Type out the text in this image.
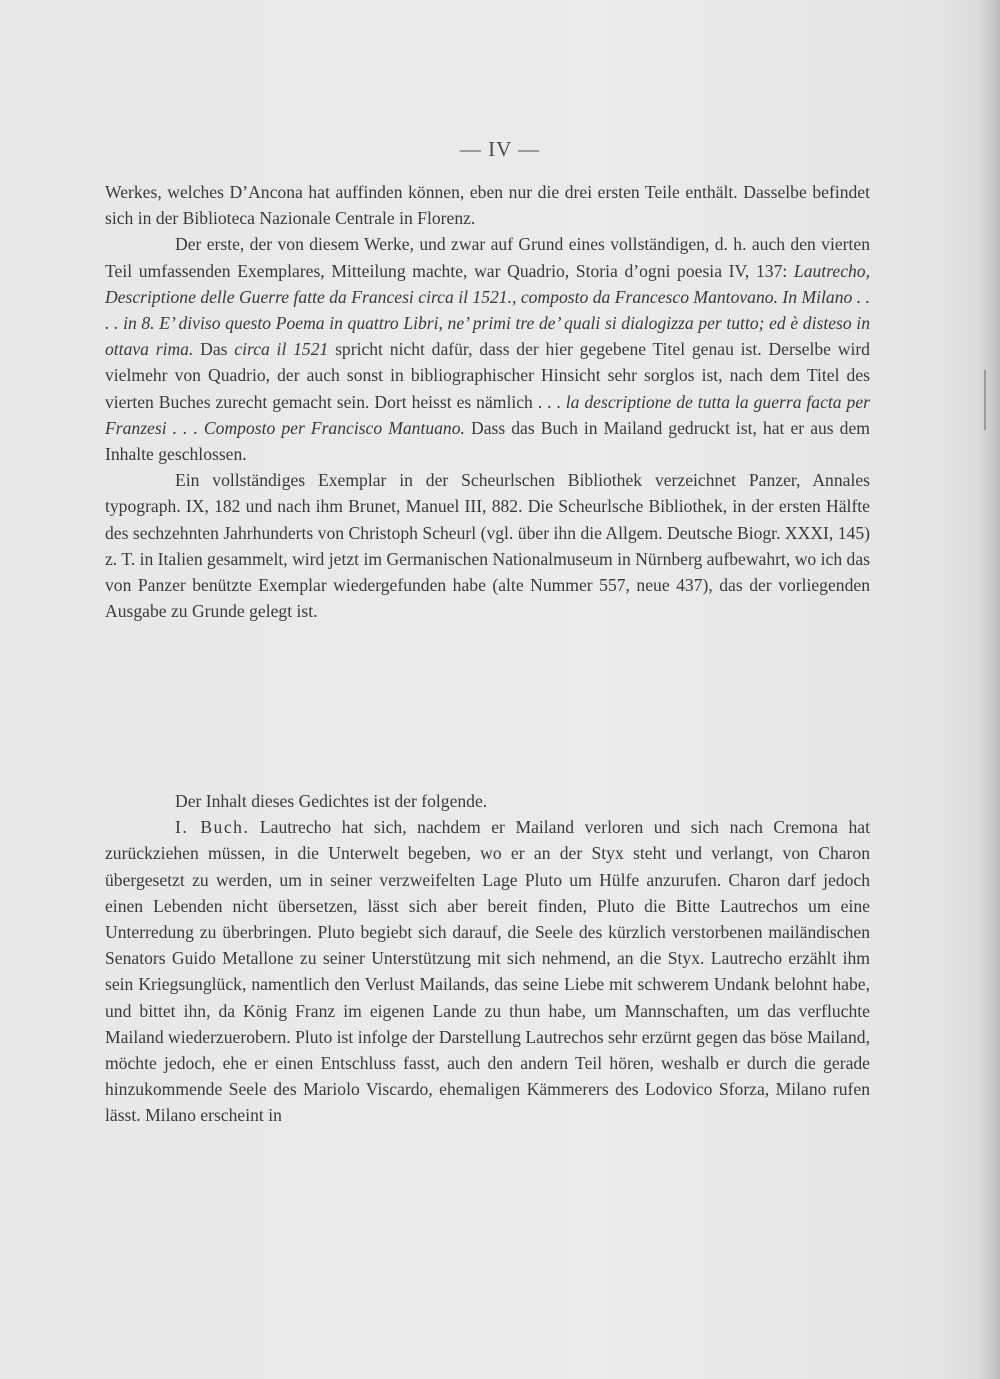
— IV —

Werkes, welches D’Ancona hat auffinden können, eben nur die drei ersten Teile enthält. Dasselbe befindet sich in der Biblioteca Nazionale Centrale in Florenz.

Der erste, der von diesem Werke, und zwar auf Grund eines vollständigen, d. h. auch den vierten Teil umfassenden Exemplares, Mitteilung machte, war Quadrio, Storia d’ogni poesia IV, 137: Lautrecho, Descriptione delle Guerre fatte da Francesi circa il 1521., composto da Francesco Mantovano. In Milano . . . . in 8. E’ diviso questo Poema in quattro Libri, ne’ primi tre de’ quali si dialogizza per tutto; ed è disteso in ottava rima. Das circa il 1521 spricht nicht dafür, dass der hier gegebene Titel genau ist. Derselbe wird vielmehr von Quadrio, der auch sonst in bibliographischer Hinsicht sehr sorglos ist, nach dem Titel des vierten Buches zurecht gemacht sein. Dort heisst es nämlich . . . la descriptione de tutta la guerra facta per Franzesi . . . Composto per Francisco Mantuano. Dass das Buch in Mailand gedruckt ist, hat er aus dem Inhalte geschlossen.

Ein vollständiges Exemplar in der Scheurlschen Bibliothek verzeichnet Panzer, Annales typograph. IX, 182 und nach ihm Brunet, Manuel III, 882. Die Scheurlsche Bibliothek, in der ersten Hälfte des sechzehnten Jahrhunderts von Christoph Scheurl (vgl. über ihn die Allgem. Deutsche Biogr. XXXI, 145) z. T. in Italien gesammelt, wird jetzt im Germanischen Nationalmuseum in Nürnberg aufbewahrt, wo ich das von Panzer benützte Exemplar wiedergefunden habe (alte Nummer 557, neue 437), das der vorliegenden Ausgabe zu Grunde gelegt ist.

Der Inhalt dieses Gedichtes ist der folgende.

I. Buch. Lautrecho hat sich, nachdem er Mailand verloren und sich nach Cremona hat zurückziehen müssen, in die Unterwelt begeben, wo er an der Styx steht und verlangt, von Charon übergesetzt zu werden, um in seiner verzweifelten Lage Pluto um Hülfe anzurufen. Charon darf jedoch einen Lebenden nicht übersetzen, lässt sich aber bereit finden, Pluto die Bitte Lautrechos um eine Unterredung zu überbringen. Pluto begiebt sich darauf, die Seele des kürzlich verstorbenen mailändischen Senators Guido Metallone zu seiner Unterstützung mit sich nehmend, an die Styx. Lautrecho erzählt ihm sein Kriegsunglück, namentlich den Verlust Mailands, das seine Liebe mit schwerem Undank belohnt habe, und bittet ihn, da König Franz im eigenen Lande zu thun habe, um Mannschaften, um das verfluchte Mailand wiederzuerobern. Pluto ist infolge der Darstellung Lautrechos sehr erzürnt gegen das böse Mailand, möchte jedoch, ehe er einen Entschluss fasst, auch den andern Teil hören, weshalb er durch die gerade hinzukommende Seele des Mariolo Viscardo, ehemaligen Kämmerers des Lodovico Sforza, Milano rufen lässt. Milano erscheint in
